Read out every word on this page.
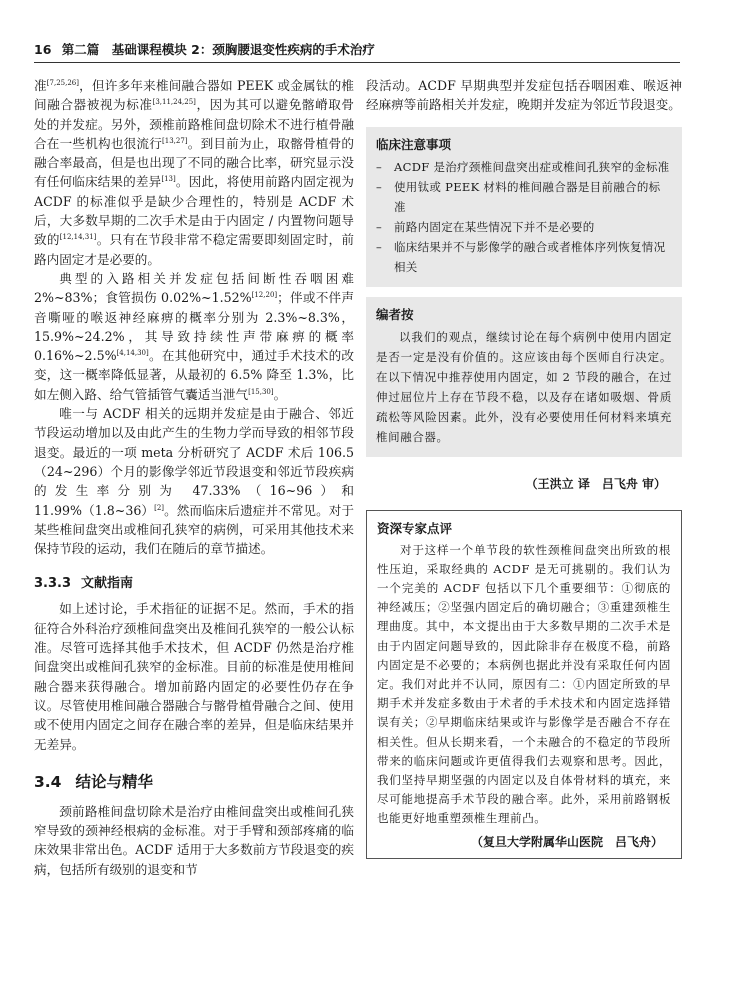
16 第二篇　基础课程模块 2：颈胸腰退变性疾病的手术治疗

准[7,25,26]，但许多年来椎间融合器如 PEEK 或金属钛的椎间融合器被视为标准[3,11,24,25]，因为其可以避免髂嵴取骨处的并发症。另外，颈椎前路椎间盘切除术不进行植骨融合在一些机构也很流行[13,27]。到目前为止，取髂骨植骨的融合率最高，但是也出现了不同的融合比率，研究显示没有任何临床结果的差异[13]。因此，将使用前路内固定视为 ACDF 的标准似乎是缺少合理性的，特别是 ACDF 术后，大多数早期的二次手术是由于内固定 / 内置物问题导致的[12,14,31]。只有在节段非常不稳定需要即刻固定时，前路内固定才是必要的。

典型的入路相关并发症包括间断性吞咽困难 2%~83%；食管损伤 0.02%~1.52%[12,20]；伴或不伴声音嘶哑的喉返神经麻痹的概率分别为 2.3%~8.3%，15.9%~24.2%，其导致持续性声带麻痹的概率 0.16%~2.5%[4,14,30]。在其他研究中，通过手术技术的改变，这一概率降低显著，从最初的 6.5% 降至 1.3%，比如左侧入路、给气管插管气囊适当泄气[15,30]。

唯一与 ACDF 相关的远期并发症是由于融合、邻近节段运动增加以及由此产生的生物力学而导致的相邻节段退变。最近的一项 meta 分析研究了 ACDF 术后 106.5（24~296）个月的影像学邻近节段退变和邻近节段疾病的发生率分别为 47.33%（16~96）和 11.99%（1.8~36）[2]。然而临床后遗症并不常见。对于某些椎间盘突出或椎间孔狭窄的病例，可采用其他技术来保持节段的运动，我们在随后的章节描述。

3.3.3 文献指南

如上述讨论，手术指征的证据不足。然而，手术的指征符合外科治疗颈椎间盘突出及椎间孔狭窄的一般公认标准。尽管可选择其他手术技术，但 ACDF 仍然是治疗椎间盘突出或椎间孔狭窄的金标准。目前的标准是使用椎间融合器来获得融合。增加前路内固定的必要性仍存在争议。尽管使用椎间融合器融合与髂骨植骨融合之间、使用或不使用内固定之间存在融合率的差异，但是临床结果并无差异。

3.4 结论与精华

颈前路椎间盘切除术是治疗由椎间盘突出或椎间孔狭窄导致的颈神经根病的金标准。对于手臂和颈部疼痛的临床效果非常出色。ACDF 适用于大多数前方节段退变的疾病，包括所有级别的退变和节

段活动。ACDF 早期典型并发症包括吞咽困难、喉返神经麻痹等前路相关并发症，晚期并发症为邻近节段退变。

临床注意事项
– ACDF 是治疗颈椎间盘突出症或椎间孔狭窄的金标准
– 使用钛或 PEEK 材料的椎间融合器是目前融合的标准
– 前路内固定在某些情况下并不是必要的
– 临床结果并不与影像学的融合或者椎体序列恢复情况相关
编者按

以我们的观点，继续讨论在每个病例中使用内固定是否一定是没有价值的。这应该由每个医师自行决定。在以下情况中推荐使用内固定，如 2 节段的融合，在过伸过屈位片上存在节段不稳，以及存在诸如吸烟、骨质疏松等风险因素。此外，没有必要使用任何材料来填充椎间融合器。

（王洪立 译　吕飞舟 审）
资深专家点评

对于这样一个单节段的软性颈椎间盘突出所致的根性压迫，采取经典的 ACDF 是无可挑剔的。我们认为一个完美的 ACDF 包括以下几个重要细节：①彻底的神经减压；②坚强内固定后的确切融合；③重建颈椎生理曲度。其中，本文提出由于大多数早期的二次手术是由于内固定问题导致的，因此除非存在极度不稳，前路内固定是不必要的；本病例也据此并没有采取任何内固定。我们对此并不认同，原因有二：①内固定所致的早期手术并发症多数由于术者的手术技术和内固定选择错误有关；②早期临床结果或许与影像学是否融合不存在相关性。但从长期来看，一个未融合的不稳定的节段所带来的临床问题或许更值得我们去观察和思考。因此，我们坚持早期坚强的内固定以及自体骨材料的填充，来尽可能地提高手术节段的融合率。此外，采用前路钢板也能更好地重塑颈椎生理前凸。

（复旦大学附属华山医院　吕飞舟）
